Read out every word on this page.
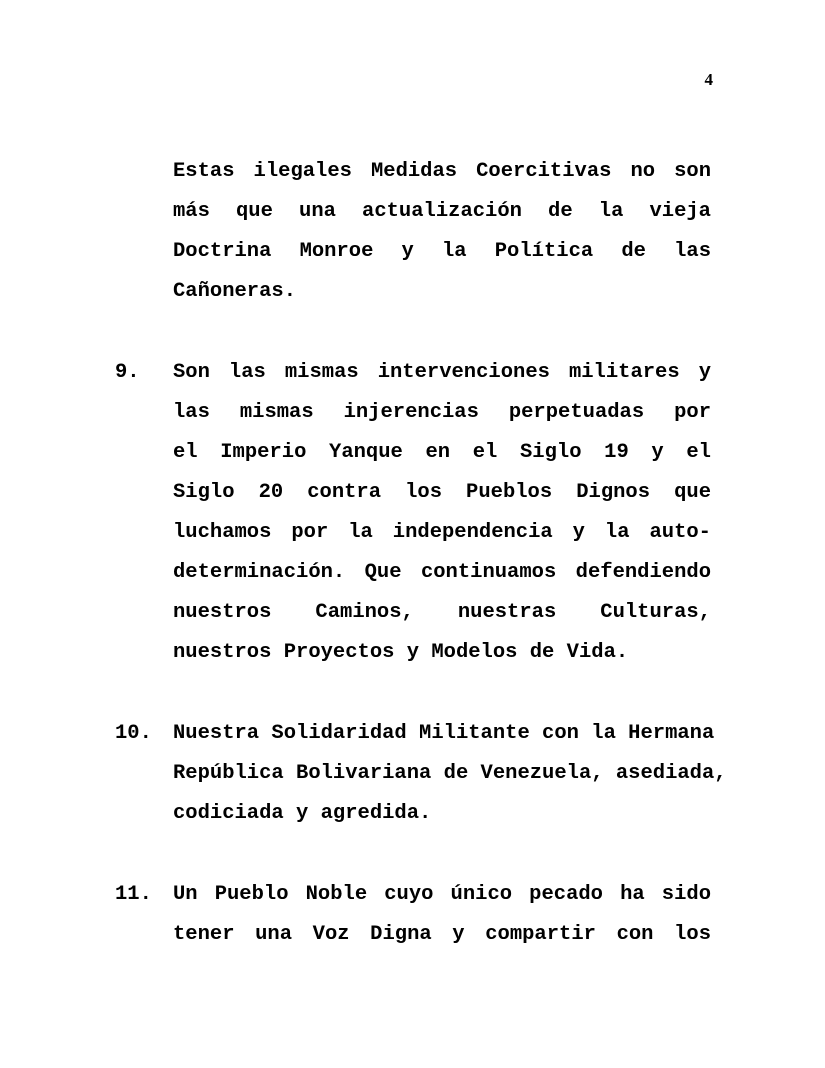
4
Estas ilegales Medidas Coercitivas no son
más que una actualización de la vieja
Doctrina Monroe y la Política de las
Cañoneras.
9. Son las mismas intervenciones militares y
las mismas injerencias perpetuadas por
el Imperio Yanque en el Siglo 19 y el
Siglo 20 contra los Pueblos Dignos que
luchamos por la independencia y la auto-
determinación. Que continuamos defendiendo
nuestros Caminos, nuestras Culturas,
nuestros Proyectos y Modelos de Vida.
10. Nuestra Solidaridad Militante con la Hermana
República Bolivariana de Venezuela, asediada,
codiciada y agredida.
11. Un Pueblo Noble cuyo único pecado ha sido
tener una Voz Digna y compartir con los
